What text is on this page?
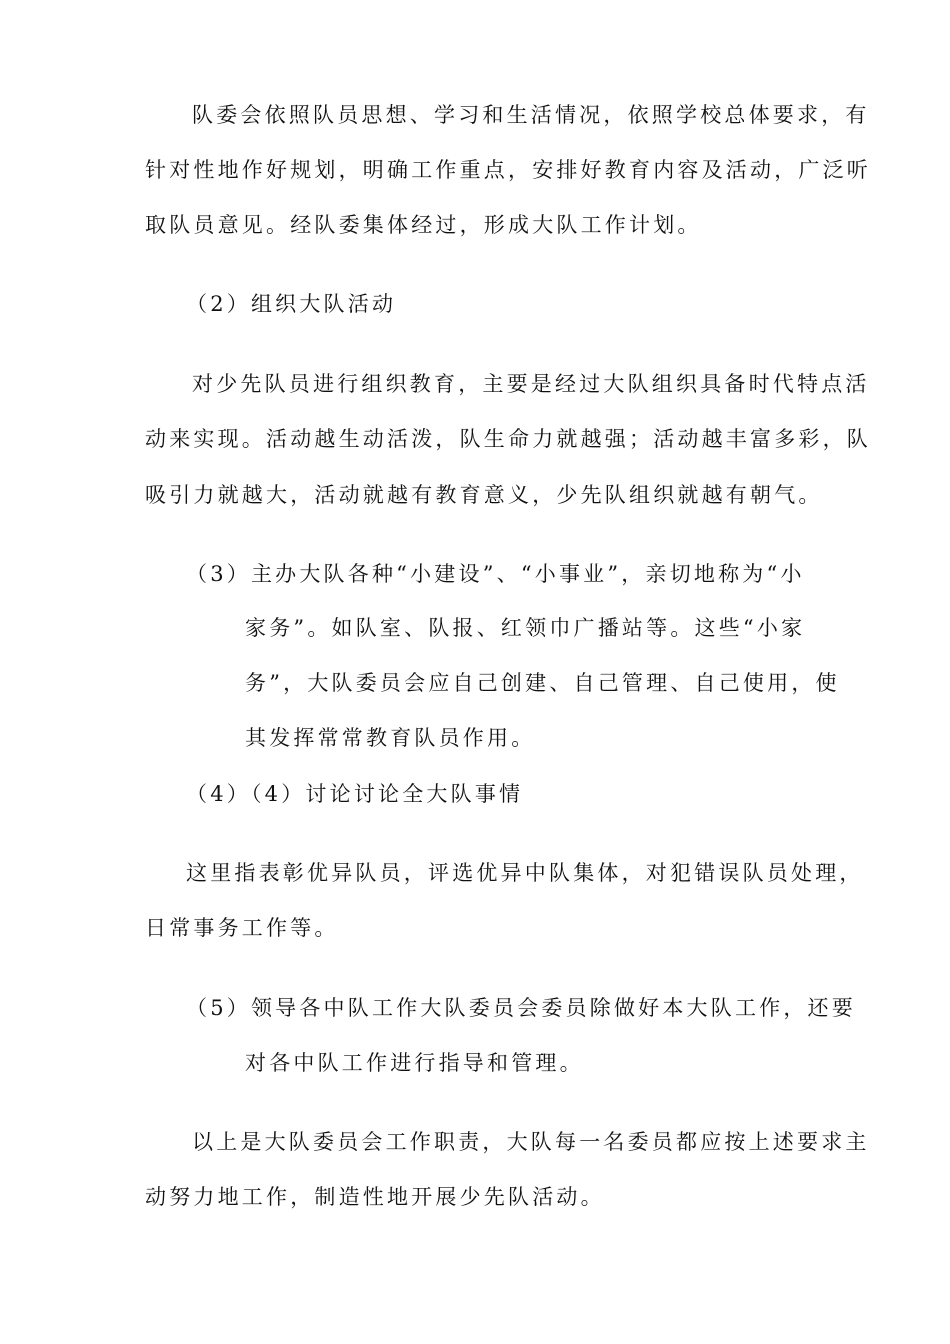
队委会依照队员思想、学习和生活情况，依照学校总体要求，有
针对性地作好规划，明确工作重点，安排好教育内容及活动，广泛听
取队员意见。经队委集体经过，形成大队工作计划。
（2）组织大队活动
对少先队员进行组织教育，主要是经过大队组织具备时代特点活
动来实现。活动越生动活泼，队生命力就越强；活动越丰富多彩，队
吸引力就越大，活动就越有教育意义，少先队组织就越有朝气。
（3）主办大队各种“小建设”、“小事业”，亲切地称为“小
家务”。如队室、队报、红领巾广播站等。这些“小家
务”，大队委员会应自己创建、自己管理、自己使用，使
其发挥常常教育队员作用。
（4）（4）讨论讨论全大队事情
这里指表彰优异队员，评选优异中队集体，对犯错误队员处理，
日常事务工作等。
（5）领导各中队工作大队委员会委员除做好本大队工作，还要
对各中队工作进行指导和管理。
以上是大队委员会工作职责，大队每一名委员都应按上述要求主
动努力地工作，制造性地开展少先队活动。
